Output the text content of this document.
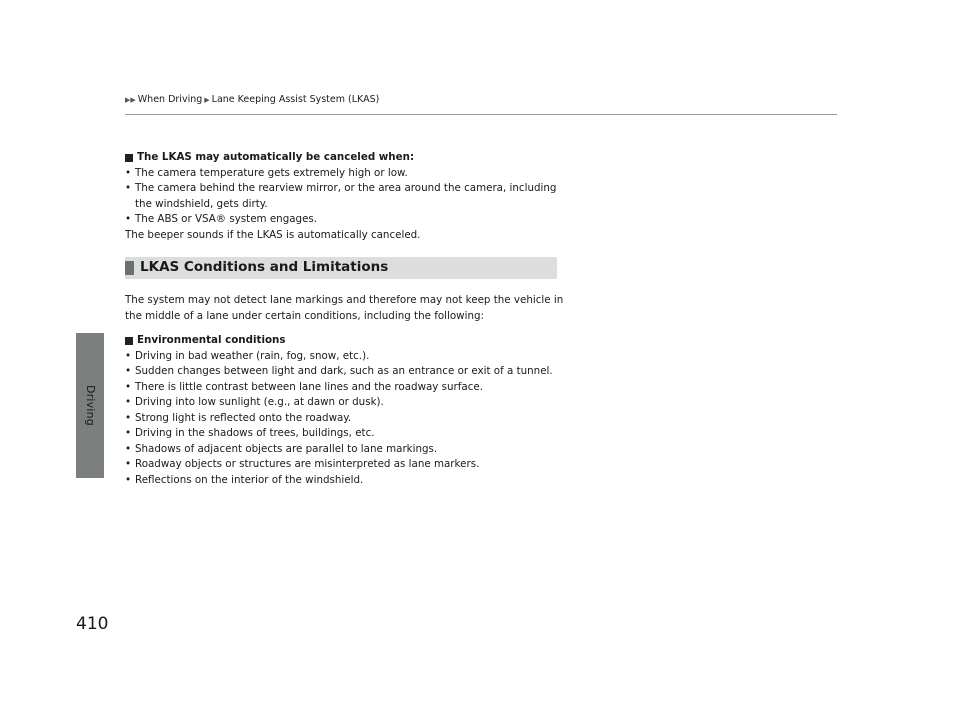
Driving
410
▶▶ When Driving ▶ Lane Keeping Assist System (LKAS)
The LKAS may automatically be canceled when:
• The camera temperature gets extremely high or low.
• The camera behind the rearview mirror, or the area around the camera, including the windshield, gets dirty.
• The ABS or VSA® system engages.

The beeper sounds if the LKAS is automatically canceled.

LKAS Conditions and Limitations

The system may not detect lane markings and therefore may not keep the vehicle in the middle of a lane under certain conditions, including the following:

Environmental conditions
• Driving in bad weather (rain, fog, snow, etc.).
• Sudden changes between light and dark, such as an entrance or exit of a tunnel.
• There is little contrast between lane lines and the roadway surface.
• Driving into low sunlight (e.g., at dawn or dusk).
• Strong light is reflected onto the roadway.
• Driving in the shadows of trees, buildings, etc.
• Shadows of adjacent objects are parallel to lane markings.
• Roadway objects or structures are misinterpreted as lane markers.
• Reflections on the interior of the windshield.
